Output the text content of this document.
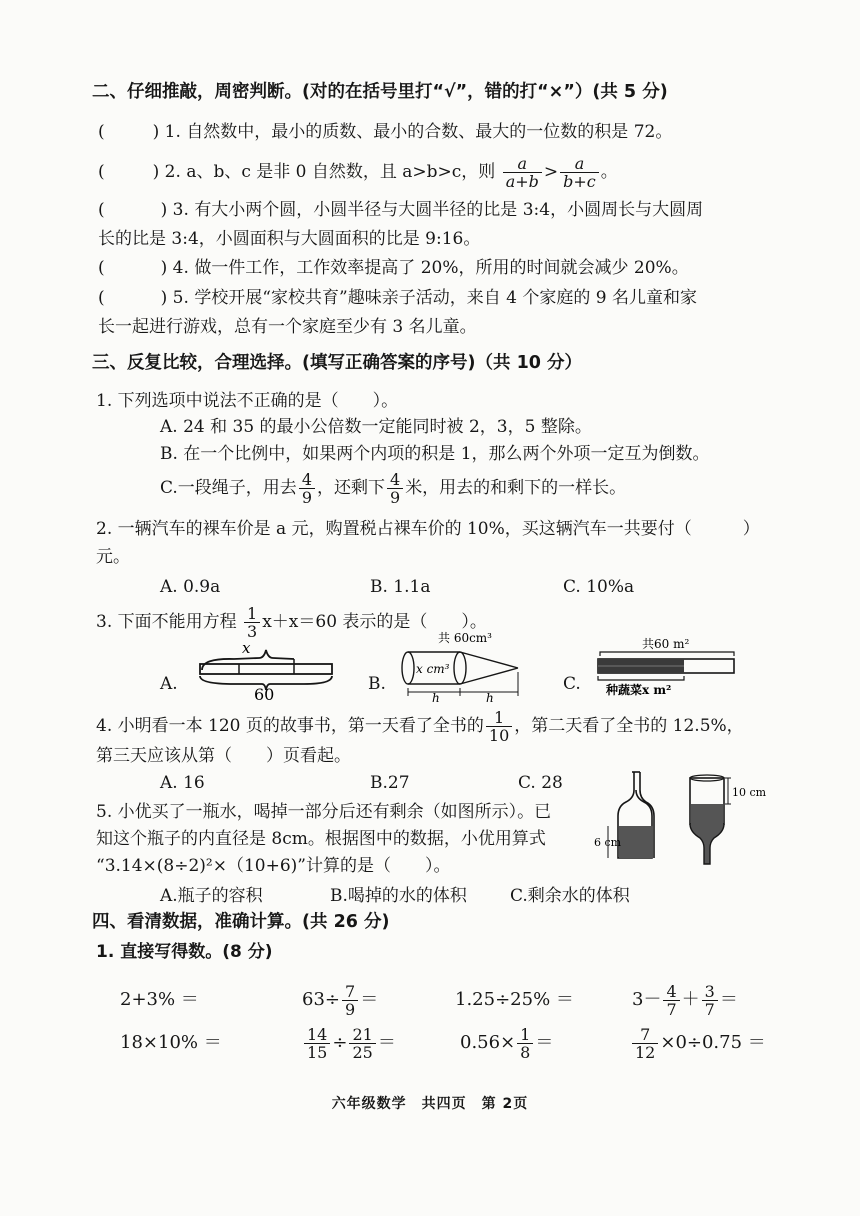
二、仔细推敲，周密判断。(对的在括号里打“√”，错的打“×”）(共 5 分)
(	) 1. 自然数中，最小的质数、最小的合数、最大的一位数的积是 72。
(	) 2. a、b、c 是非 0 自然数，且 a>b>c，则 $\frac{a}{a+b} > \frac{a}{b+c}$ 。
(	) 3. 有大小两个圆，小圆半径与大圆半径的比是 3:4，小圆周长与大圆周
长的比是 3:4，小圆面积与大圆面积的比是 9:16。
(	) 4. 做一件工作，工作效率提高了 20%，所用的时间就会减少 20%。
(	) 5. 学校开展“家校共育”趣味亲子活动，来自 4 个家庭的 9 名儿童和家
长一起进行游戏，总有一个家庭至少有 3 名儿童。
三、反复比较，合理选择。(填写正确答案的序号)（共 10 分）
1. 下列选项中说法不正确的是（　　）。
A. 24 和 35 的最小公倍数一定能同时被 2，3，5 整除。
B. 在一个比例中，如果两个内项的积是 1，那么两个外项一定互为倒数。
C.一段绳子，用去 $\frac{4}{9}$ ，还剩下 $\frac{4}{9}$ 米，用去的和剩下的一样长。
2. 一辆汽车的裸车价是 a 元，购置税占裸车价的 10%，买这辆汽车一共要付（　　　）
元。
A. 0.9a	B. 1.1a	C. 10%a
3. 下面不能用方程 $\frac{1}{3} x+x=60$ 表示的是（　　）。
A.
x
60
B.
共 60cm³
x cm³
h	h
C.
共60 m²
种蔬菜x m²
4. 小明看一本 120 页的故事书，第一天看了全书的 $\frac{1}{10}$ ，第二天看了全书的 12.5%，
第三天应该从第（　　）页看起。
A. 16	B.27	C. 28
5. 小优买了一瓶水，喝掉一部分后还有剩余（如图所示）。已
知这个瓶子的内直径是 8cm。根据图中的数据，小优用算式
“3.14×(8÷2)²×（10+6)”计算的是（　　）。
6 cm
10 cm
A.瓶子的容积	B.喝掉的水的体积	C.剩余水的体积
四、看清数据，准确计算。(共 26 分)
1. 直接写得数。(8 分)
2+3% ＝	$63\div \frac{7}{9}$ ＝	1.25÷25% ＝	$3- \frac{4}{7} + \frac{3}{7}$ ＝
18×10% ＝	$\frac{14}{15} \div \frac{21}{25}$ ＝	$0.56\times \frac{1}{8}$ ＝	$\frac{7}{12} \times 0\div 0.75$ ＝
六年级数学　共四页　第 2页
